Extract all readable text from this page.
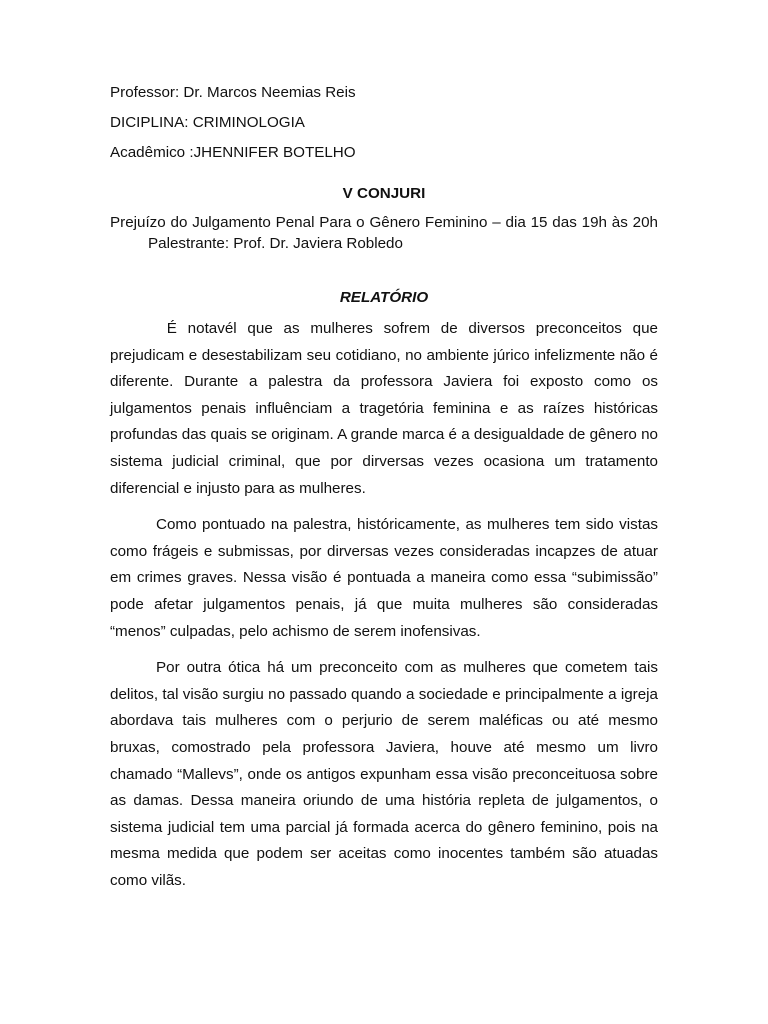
Professor: Dr. Marcos Neemias Reis

DICIPLINA: CRIMINOLOGIA

Acadêmico :JHENNIFER BOTELHO

V CONJURI

Prejuízo do Julgamento Penal Para o Gênero Feminino – dia 15 das 19h às 20hPalestrante: Prof. Dr. Javiera Robledo

RELATÓRIO

É notavél que as mulheres sofrem de diversos preconceitos que prejudicam e desestabilizam seu cotidiano, no ambiente júrico infelizmente não é diferente. Durante a palestra da professora Javiera foi exposto como os julgamentos penais influênciam a tragetória feminina e as raízes históricas profundas das quais se originam. A grande marca é a desigualdade de gênero no sistema judicial criminal, que por dirversas vezes ocasiona um tratamento diferencial e injusto para as mulheres.

Como pontuado na palestra, históricamente, as mulheres tem sido vistas como frágeis e submissas, por dirversas vezes consideradas incapzes de atuar em crimes graves. Nessa visão é pontuada a maneira como essa “subimissão” pode afetar julgamentos penais, já que muita mulheres são consideradas “menos” culpadas, pelo achismo de serem inofensivas.

Por outra ótica há um preconceito com as mulheres que cometem tais delitos, tal visão surgiu no passado quando a sociedade e principalmente a igreja abordava tais mulheres com o perjurio de serem maléficas ou até mesmo bruxas, comostrado pela professora Javiera, houve até mesmo um livro chamado “Mallevs”, onde os antigos expunham essa visão preconceituosa sobre as damas. Dessa maneira oriundo de uma história repleta de julgamentos, o sistema judicial tem uma parcial já formada acerca do gênero feminino, pois na mesma medida que podem ser aceitas como inocentes também são atuadas como vilãs.
